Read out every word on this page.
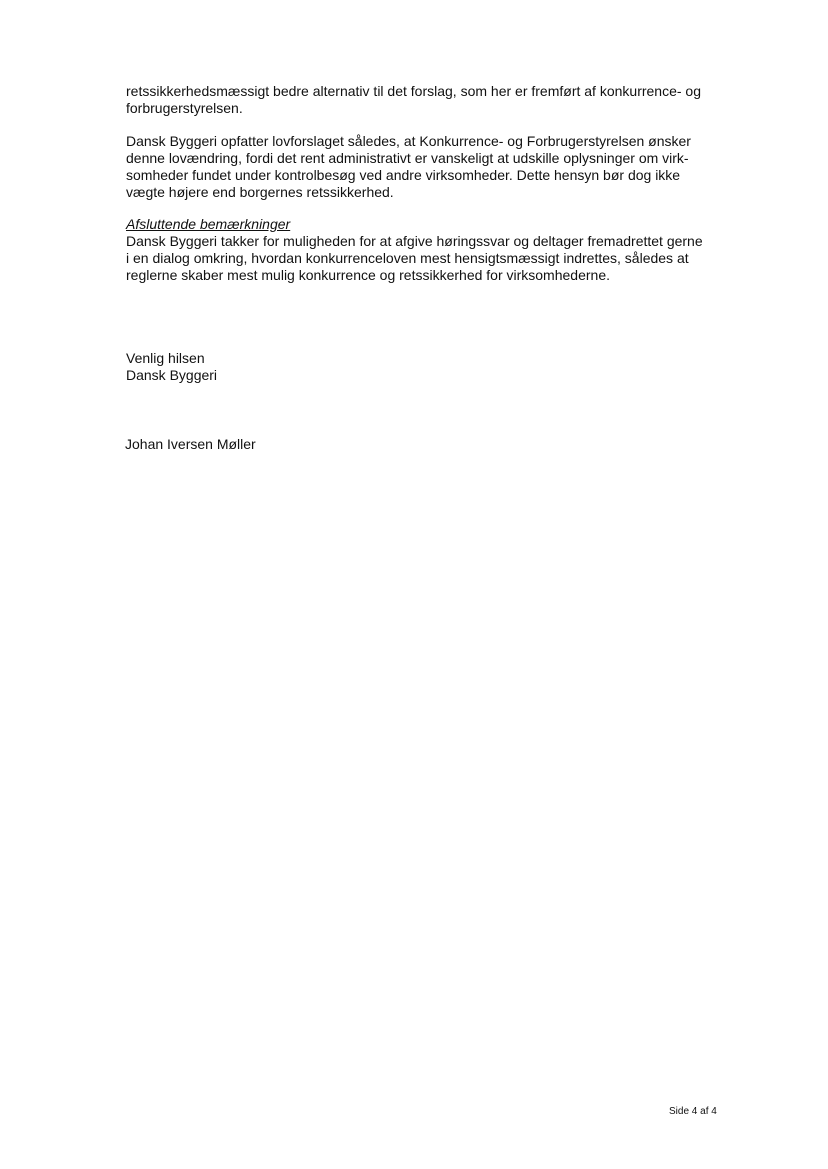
retssikkerhedsmæssigt bedre alternativ til det forslag, som her er fremført af konkurrence- og
forbrugerstyrelsen.

Dansk Byggeri opfatter lovforslaget således, at Konkurrence- og Forbrugerstyrelsen ønsker
denne lovændring, fordi det rent administrativt er vanskeligt at udskille oplysninger om virk-
somheder fundet under kontrolbesøg ved andre virksomheder. Dette hensyn bør dog ikke
vægte højere end borgernes retssikkerhed.

Afsluttende bemærkninger

Dansk Byggeri takker for muligheden for at afgive høringssvar og deltager fremadrettet gerne
i en dialog omkring, hvordan konkurrenceloven mest hensigtsmæssigt indrettes, således at
reglerne skaber mest mulig konkurrence og retssikkerhed for virksomhederne.

Venlig hilsen
Dansk Byggeri

Johan Iversen Møller

Side 4 af 4
